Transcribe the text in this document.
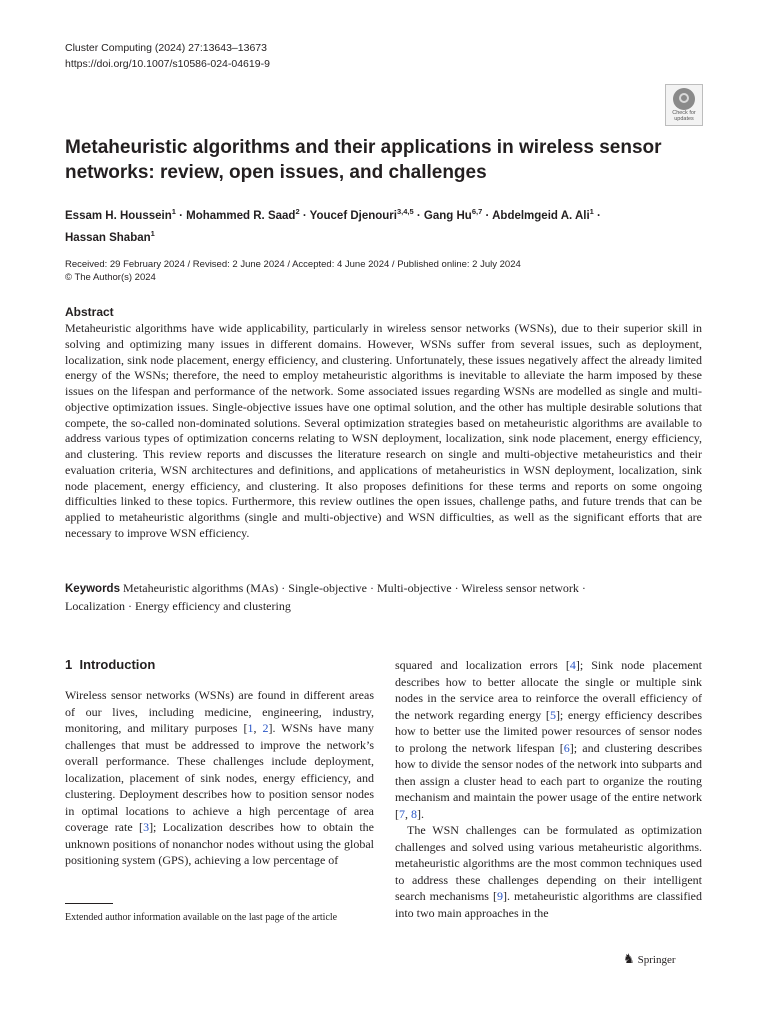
Cluster Computing (2024) 27:13643–13673
https://doi.org/10.1007/s10586-024-04619-9
Check for
updates
Metaheuristic algorithms and their applications in wireless sensor networks: review, open issues, and challenges
Essam H. Houssein$^1$ · Mohammed R. Saad$^2$ · Youcef Djenouri$^{3,4,5}$ · Gang Hu$^{6,7}$ · Abdelmgeid A. Ali$^1$ ·
Hassan Shaban$^1$
Received: 29 February 2024 / Revised: 2 June 2024 / Accepted: 4 June 2024 / Published online: 2 July 2024
© The Author(s) 2024
Abstract
Metaheuristic algorithms have wide applicability, particularly in wireless sensor networks (WSNs), due to their superior skill in solving and optimizing many issues in different domains. However, WSNs suffer from several issues, such as deployment, localization, sink node placement, energy efficiency, and clustering. Unfortunately, these issues negatively affect the already limited energy of the WSNs; therefore, the need to employ metaheuristic algorithms is inevitable to alleviate the harm imposed by these issues on the lifespan and performance of the network. Some associated issues regarding WSNs are modelled as single and multi-objective optimization issues. Single-objective issues have one optimal solution, and the other has multiple desirable solutions that compete, the so-called non-dominated solutions. Several optimization strategies based on metaheuristic algorithms are available to address various types of optimization concerns relating to WSN deployment, localization, sink node placement, energy efficiency, and clustering. This review reports and discusses the literature research on single and multi-objective metaheuristics and their evaluation criteria, WSN architectures and definitions, and applications of metaheuristics in WSN deployment, localization, sink node placement, energy efficiency, and clustering. It also proposes definitions for these terms and reports on some ongoing difficulties linked to these topics. Furthermore, this review outlines the open issues, challenge paths, and future trends that can be applied to metaheuristic algorithms (single and multi-objective) and WSN difficulties, as well as the significant efforts that are necessary to improve WSN efficiency.
Keywords Metaheuristic algorithms (MAs) · Single-objective · Multi-objective · Wireless sensor network ·
Localization · Energy efficiency and clustering
1 Introduction
Wireless sensor networks (WSNs) are found in different areas of our lives, including medicine, engineering, industry, monitoring, and military purposes [1, 2]. WSNs have many challenges that must be addressed to improve the network’s overall performance. These challenges include deployment, localization, placement of sink nodes, energy efficiency, and clustering. Deployment describes how to position sensor nodes in optimal locations to achieve a high percentage of area coverage rate [3]; Localization describes how to obtain the unknown positions of nonanchor nodes without using the global positioning system (GPS), achieving a low percentage of

squared and localization errors [4]; Sink node placement describes how to better allocate the single or multiple sink nodes in the service area to reinforce the overall efficiency of the network regarding energy [5]; energy efficiency describes how to better use the limited power resources of sensor nodes to prolong the network lifespan [6]; and clustering describes how to divide the sensor nodes of the network into subparts and then assign a cluster head to each part to organize the routing mechanism and maintain the power usage of the entire network [7, 8].

The WSN challenges can be formulated as optimization challenges and solved using various metaheuristic algorithms. metaheuristic algorithms are the most common techniques used to address these challenges depending on their intelligent search mechanisms [9]. metaheuristic algorithms are classified into two main approaches in the

Extended author information available on the last page of the article
♞ Springer
